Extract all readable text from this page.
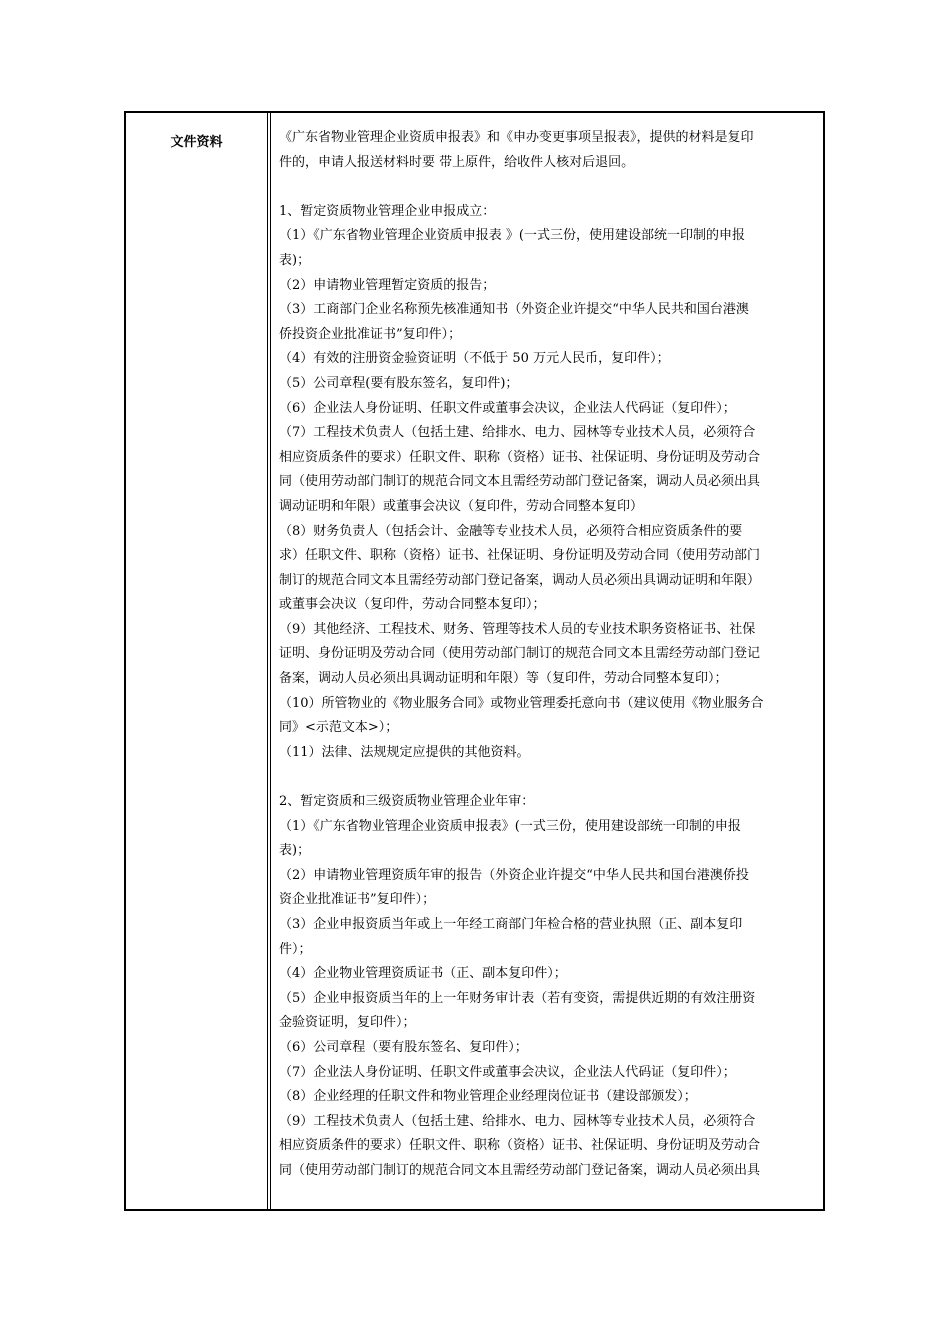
文件资料	《广东省物业管理企业资质申报表》和《申办变更事项呈报表》，提供的材料是复印

件的，申请人报送材料时要 带上原件，给收件人核对后退回。

1、暂定资质物业管理企业申报成立：

（1）《广东省物业管理企业资质申报表 》(一式三份，使用建设部统一印制的申报

表)；

（2）申请物业管理暂定资质的报告；

（3）工商部门企业名称预先核准通知书（外资企业许提交“中华人民共和国台港澳

侨投资企业批准证书”复印件）；

（4）有效的注册资金验资证明（不低于 50 万元人民币，复印件）；

（5）公司章程(要有股东签名，复印件)；

（6）企业法人身份证明、任职文件或董事会决议，企业法人代码证（复印件）；

（7）工程技术负责人（包括土建、给排水、电力、园林等专业技术人员，必须符合

相应资质条件的要求）任职文件、职称（资格）证书、社保证明、身份证明及劳动合

同（使用劳动部门制订的规范合同文本且需经劳动部门登记备案，调动人员必须出具

调动证明和年限）或董事会决议（复印件，劳动合同整本复印）

（8）财务负责人（包括会计、金融等专业技术人员，必须符合相应资质条件的要

求）任职文件、职称（资格）证书、社保证明、身份证明及劳动合同（使用劳动部门

制订的规范合同文本且需经劳动部门登记备案，调动人员必须出具调动证明和年限）

或董事会决议（复印件，劳动合同整本复印）；

（9）其他经济、工程技术、财务、管理等技术人员的专业技术职务资格证书、社保

证明、身份证明及劳动合同（使用劳动部门制订的规范合同文本且需经劳动部门登记

备案，调动人员必须出具调动证明和年限）等（复印件，劳动合同整本复印）；

（10）所管物业的《物业服务合同》或物业管理委托意向书（建议使用《物业服务合

同》<示范文本>）；

（11）法律、法规规定应提供的其他资料。

2、暂定资质和三级资质物业管理企业年审：

（1）《广东省物业管理企业资质申报表》(一式三份，使用建设部统一印制的申报

表)；

（2）申请物业管理资质年审的报告（外资企业许提交“中华人民共和国台港澳侨投

资企业批准证书”复印件）；

（3）企业申报资质当年或上一年经工商部门年检合格的营业执照（正、副本复印

件）；

（4）企业物业管理资质证书（正、副本复印件）；

（5）企业申报资质当年的上一年财务审计表（若有变资，需提供近期的有效注册资

金验资证明，复印件）；

（6）公司章程（要有股东签名、复印件）；

（7）企业法人身份证明、任职文件或董事会决议，企业法人代码证（复印件）；

（8）企业经理的任职文件和物业管理企业经理岗位证书（建设部颁发）；

（9）工程技术负责人（包括土建、给排水、电力、园林等专业技术人员，必须符合

相应资质条件的要求）任职文件、职称（资格）证书、社保证明、身份证明及劳动合

同（使用劳动部门制订的规范合同文本且需经劳动部门登记备案，调动人员必须出具
